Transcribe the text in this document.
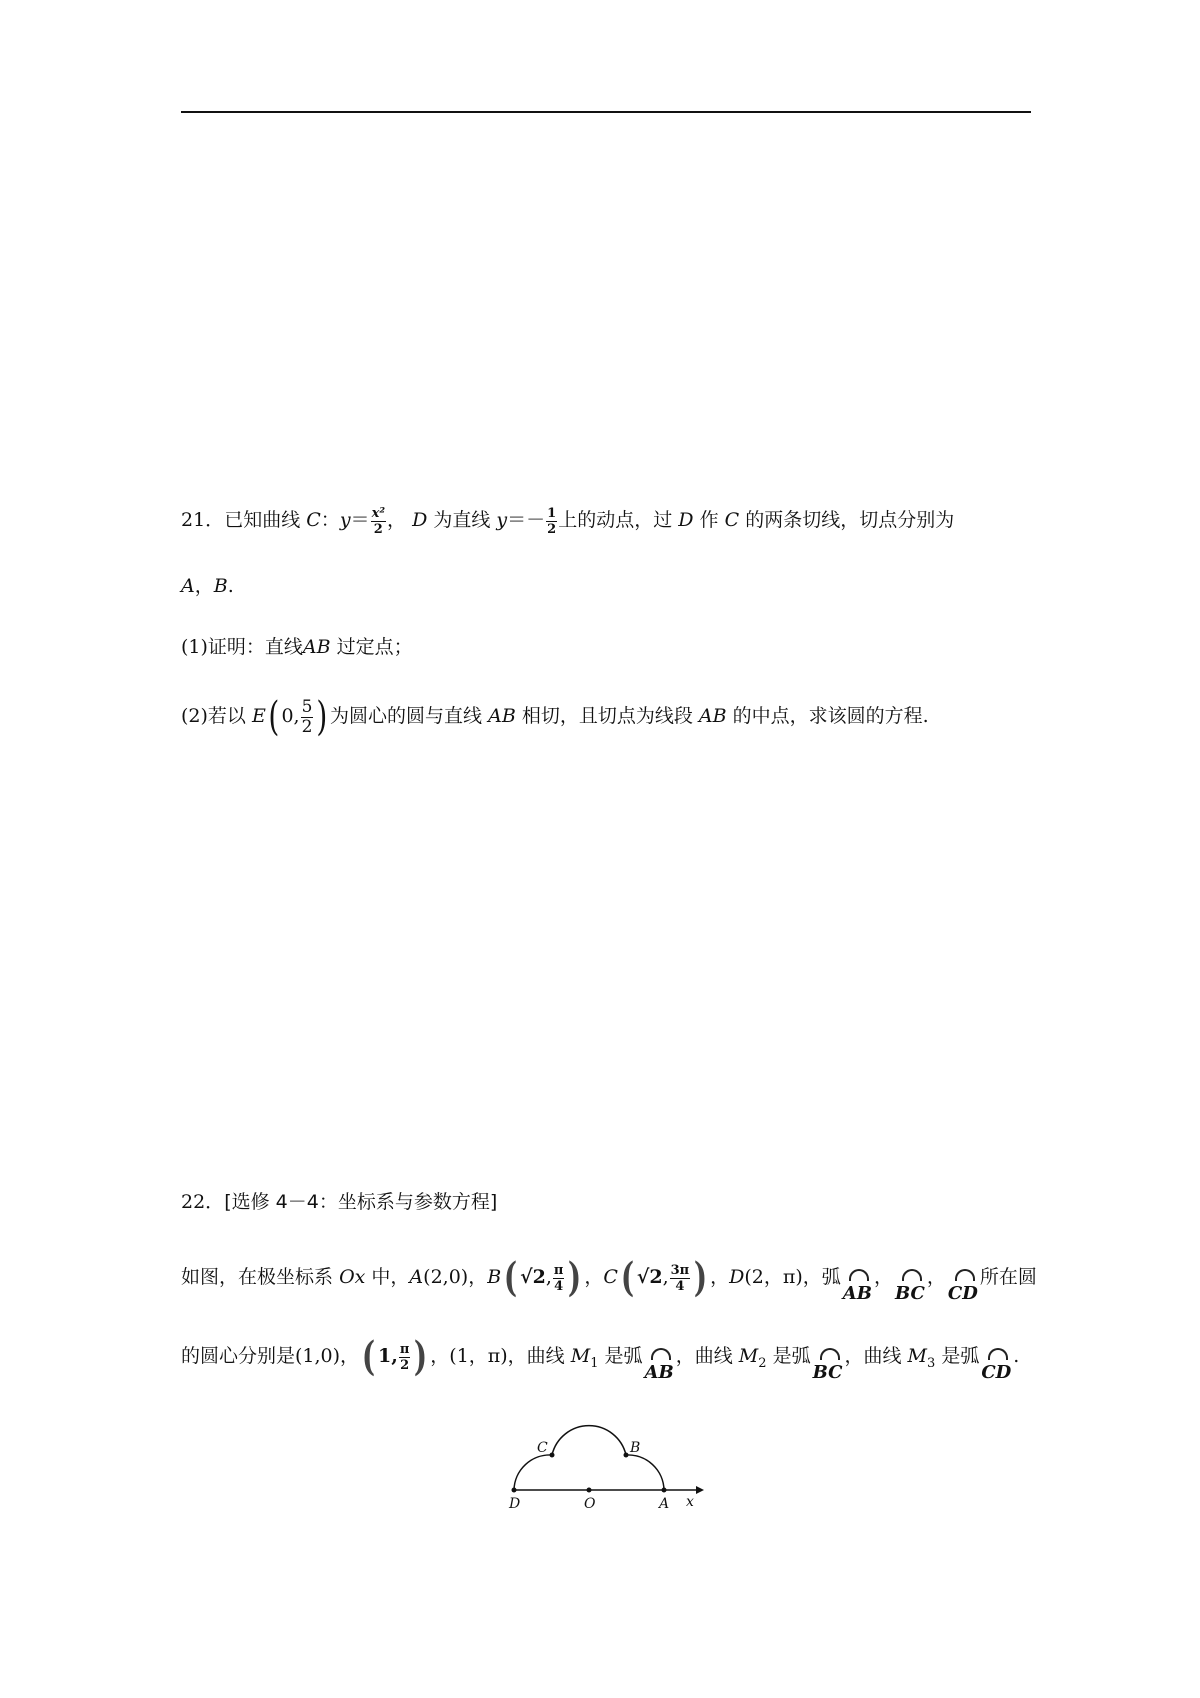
21．已知曲线 C：$y= \frac{\text{x²}}{2}$ ， D 为直线 $y=- \frac{1}{2}$ 上的动点，过 D 作 C 的两条切线，切点分别为
A，B.
(1)证明：直线AB 过定点；
(2)若以 E( 0, $\frac{5}{2}$ ) 为圆心的圆与直线 AB 相切，且切点为线段 AB 的中点，求该圆的方程.
22．[选修 4－4：坐标系与参数方程]
如图，在极坐标系 Ox 中，A(2,0)，B( √2, $\frac{\pi}{4}$ ) ，C( √2, $\frac{3\pi}{4}$ ) ，D(2，π)，弧AB，BC，CD所在圆
的圆心分别是(1,0)，( 1, $\frac{\pi}{2}$ ) ，(1，π)，曲线 $M_1$ 是弧AB，曲线 $M_2$ 是弧BC，曲线 $M_3$ 是弧CD.
C	B
D	O	A x
